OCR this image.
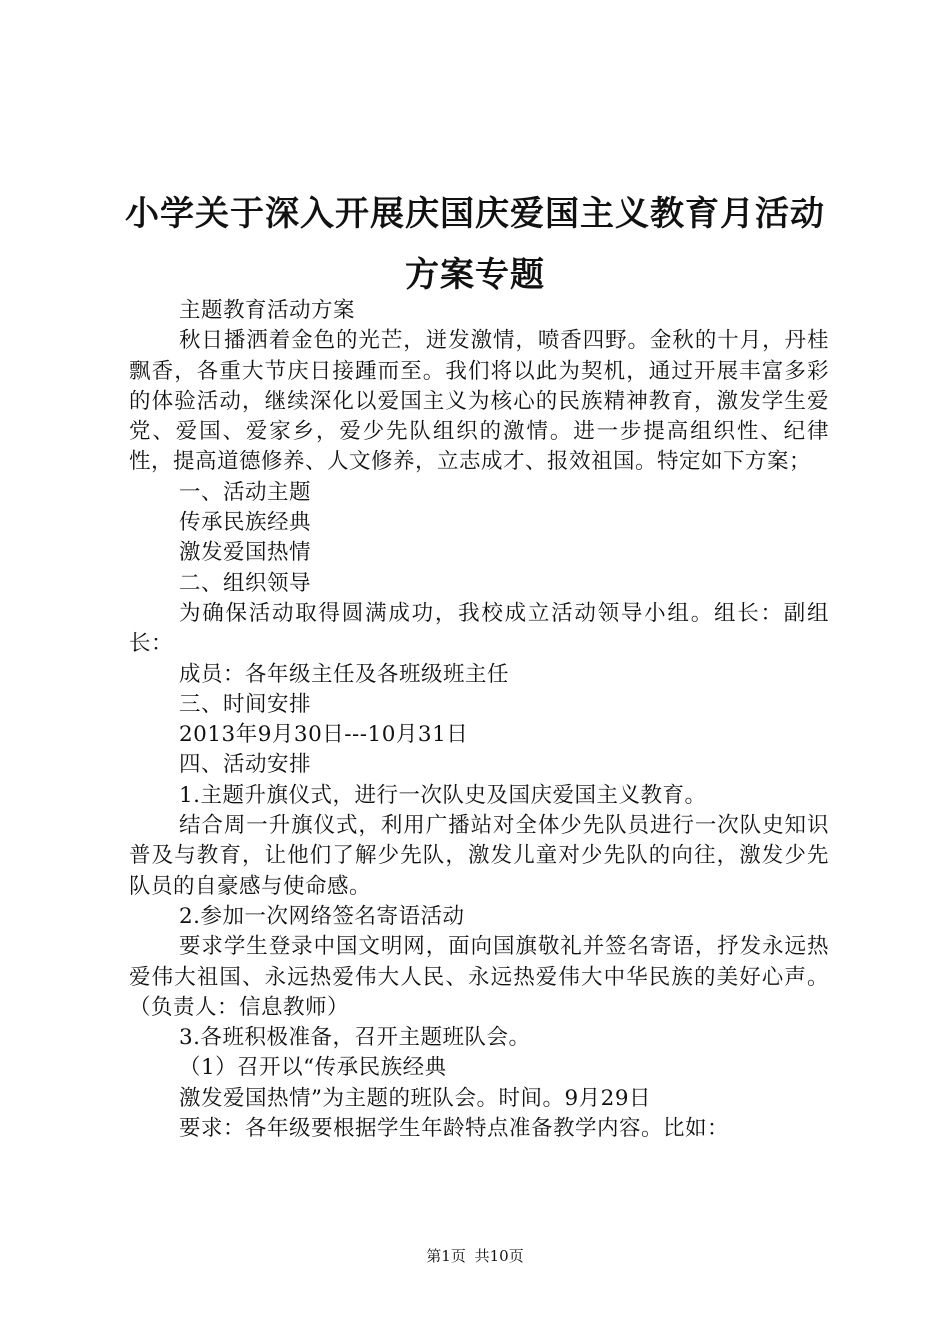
小学关于深入开展庆国庆爱国主义教育月活动
方案专题

主题教育活动方案

秋日播洒着金色的光芒，迸发激情，喷香四野。金秋的十月，丹桂飘香，各重大节庆日接踵而至。我们将以此为契机，通过开展丰富多彩的体验活动，继续深化以爱国主义为核心的民族精神教育，激发学生爱党、爱国、爱家乡，爱少先队组织的激情。进一步提高组织性、纪律性，提高道德修养、人文修养，立志成才、报效祖国。特定如下方案；

一、活动主题

传承民族经典

激发爱国热情

二、组织领导

为确保活动取得圆满成功，我校成立活动领导小组。组长：副组长：

成员：各年级主任及各班级班主任

三、时间安排

2013年9月30日---10月31日

四、活动安排

1.主题升旗仪式，进行一次队史及国庆爱国主义教育。

结合周一升旗仪式，利用广播站对全体少先队员进行一次队史知识普及与教育，让他们了解少先队，激发儿童对少先队的向往，激发少先队员的自豪感与使命感。

2.参加一次网络签名寄语活动

要求学生登录中国文明网，面向国旗敬礼并签名寄语，抒发永远热爱伟大祖国、永远热爱伟大人民、永远热爱伟大中华民族的美好心声。（负责人：信息教师）

3.各班积极准备，召开主题班队会。

（1）召开以“传承民族经典

激发爱国热情”为主题的班队会。时间。9月29日

要求：各年级要根据学生年龄特点准备教学内容。比如：

第1页 共10页
